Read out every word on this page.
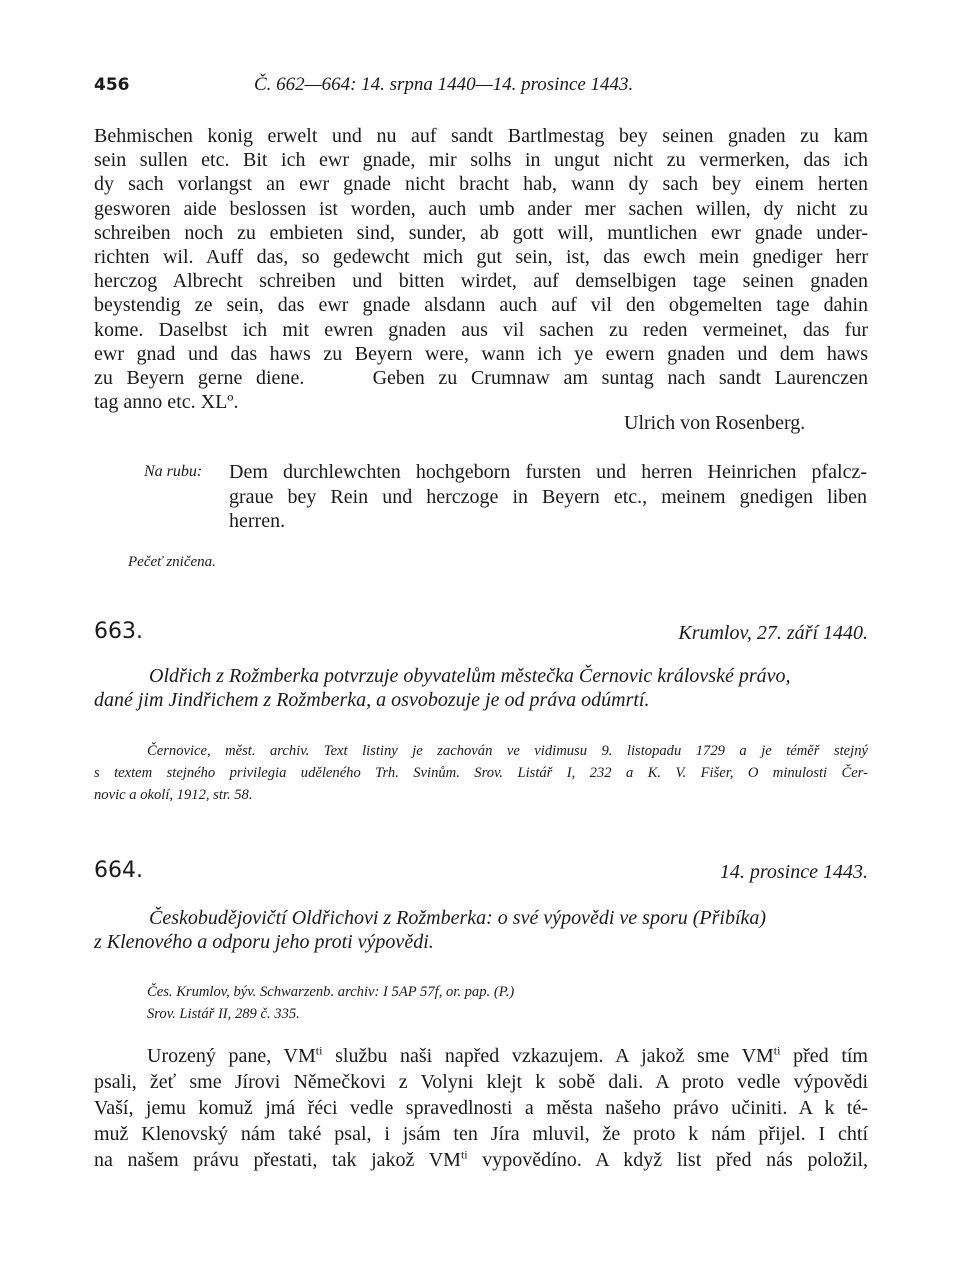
456	Č. 662—664: 14. srpna 1440—14. prosince 1443.

Behmischen konig erwelt und nu auf sandt Bartlmestag bey seinen gnaden zu kam
sein sullen etc. Bit ich ewr gnade, mir solhs in ungut nicht zu vermerken, das ich
dy sach vorlangst an ewr gnade nicht bracht hab, wann dy sach bey einem herten
gesworen aide beslossen ist worden, auch umb ander mer sachen willen, dy nicht zu
schreiben noch zu embieten sind, sunder, ab gott will, muntlichen ewr gnade under-
richten wil. Auff das, so gedewcht mich gut sein, ist, das ewch mein gnediger herr
herczog Albrecht schreiben und bitten wirdet, auf demselbigen tage seinen gnaden
beystendig ze sein, das ewr gnade alsdann auch auf vil den obgemelten tage dahin
kome. Daselbst ich mit ewren gnaden aus vil sachen zu reden vermeinet, das fur
ewr gnad und das haws zu Beyern were, wann ich ye ewern gnaden und dem haws
zu Beyern gerne diene.     Geben zu Crumnaw am suntag nach sandt Laurenczen
tag anno etc. XLº.

Ulrich von Rosenberg.
Na rubu: Dem durchlewchten hochgeborn fursten und herren Heinrichen pfalcz-
graue bey Rein und herczoge in Beyern etc., meinem gnedigen liben
herren.

Pečeť zničena.
663.	Krumlov, 27. září 1440.

Oldřich z Rožmberka potvrzuje obyvatelům městečka Černovic královské právo,
dané jim Jindřichem z Rožmberka, a osvobozuje je od práva odúmrtí.

Černovice, měst. archiv. Text listiny je zachován ve vidimusu 9. listopadu 1729 a je téměř stejný
s textem stejného privilegia uděleného Trh. Svinům. Srov. Listář I, 232 a K. V. Fišer, O minulosti Čer-
novic a okolí, 1912, str. 58.

664.	14. prosince 1443.

Českobudějovičtí Oldřichovi z Rožmberka: o své výpovědi ve sporu (Přibíka)
z Klenového a odporu jeho proti výpovědi.

Čes. Krumlov, býv. Schwarzenb. archiv: I 5AP 57f, or. pap. (P.)
Srov. Listář II, 289 č. 335.

Urozený pane, $VM^{ti}$ službu naši napřed vzkazujem. A jakož sme $VM^{ti}$ před tím
psali, žeť sme Jírovi Němečkovi z Volyni klejt k sobě dali. A proto vedle výpovědi
Vaší, jemu komuž jmá řéci vedle spravedlnosti a města našeho právo učiniti. A k té-
muž Klenovský nám také psal, i jsám ten Jíra mluvil, že proto k nám přijel. I chtí
na našem právu přestati, tak jakož $VM^{ti}$ vypovědíno. A když list před nás položil,
